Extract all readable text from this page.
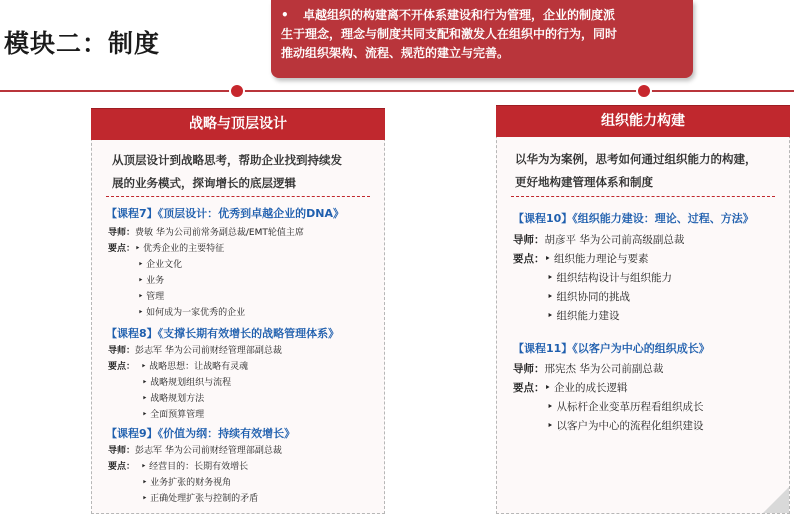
模块二：制度
• 卓越组织的构建离不开体系建设和行为管理，企业的制度派
生于理念，理念与制度共同支配和激发人在组织中的行为，同时
推动组织架构、流程、规范的建立与完善。
战略与顶层设计
从顶层设计到战略思考，帮助企业找到持续发
展的业务模式，探询增长的底层逻辑
【课程7】《顶层设计：优秀到卓越企业的DNA》
导师：费敏 华为公司前常务副总裁/EMT轮值主席
要点：‣ 优秀企业的主要特征
‣ 企业文化
‣ 业务
‣ 管理
‣ 如何成为一家优秀的企业
【课程8】《支撑长期有效增长的战略管理体系》
导师：彭志军 华为公司前财经管理部副总裁
要点： ‣ 战略思想：让战略有灵魂
‣ 战略规划组织与流程
‣ 战略规划方法
‣ 全面预算管理
【课程9】《价值为纲：持续有效增长》
导师：彭志军 华为公司前财经管理部副总裁
要点： ‣ 经营目的：长期有效增长
‣ 业务扩张的财务视角
‣ 正确处理扩张与控制的矛盾
组织能力构建
以华为为案例，思考如何通过组织能力的构建，
更好地构建管理体系和制度
【课程10】《组织能力建设：理论、过程、方法》
导师：胡彦平 华为公司前高级副总裁
要点：‣ 组织能力理论与要素
‣ 组织结构设计与组织能力
‣ 组织协同的挑战
‣ 组织能力建设
【课程11】《以客户为中心的组织成长》
导师：邢宪杰 华为公司前副总裁
要点：‣ 企业的成长逻辑
‣ 从标杆企业变革历程看组织成长
‣ 以客户为中心的流程化组织建设
